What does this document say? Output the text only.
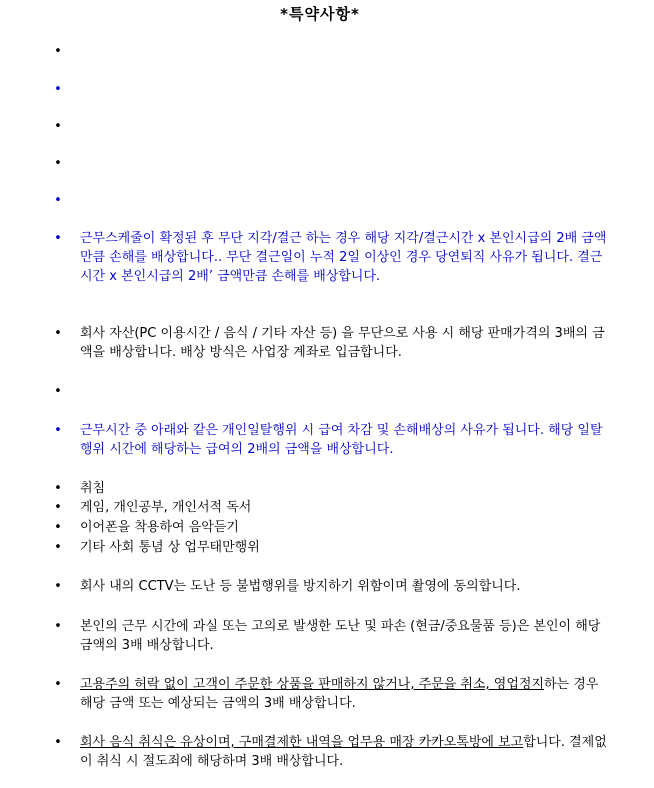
*특약사항*
•
•
•
•
•
• 근무스케줄이 확정된 후 무단 지각/결근 하는 경우 해당 지각/결근시간 x 본인시급의 2배 금액만큼 손해를 배상합니다.. 무단 결근일이 누적 2일 이상인 경우 당연퇴직 사유가 됩니다. 결근시간 x 본인시급의 2배’ 금액만큼 손해를 배상합니다.
• 회사 자산(PC 이용시간 / 음식 / 기타 자산 등) 을 무단으로 사용 시 해당 판매가격의 3배의 금액을 배상합니다. 배상 방식은 사업장 계좌로 입금합니다.
•
• 근무시간 중 아래와 같은 개인일탈행위 시 급여 차감 및 손해배상의 사유가 됩니다. 해당 일탈행위 시간에 해당하는 급여의 2배의 금액을 배상합니다.
• 취침
• 게임, 개인공부, 개인서적 독서
• 이어폰을 착용하여 음악듣기
• 기타 사회 통념 상 업무태만행위
• 회사 내의 CCTV는 도난 등 불법행위를 방지하기 위함이며 촬영에 동의합니다.
• 본인의 근무 시간에 과실 또는 고의로 발생한 도난 및 파손 (현금/중요물품 등)은 본인이 해당 금액의 3배 배상합니다.
• 고용주의 허락 없이 고객이 주문한 상품을 판매하지 않거나, 주문을 취소, 영업정지하는 경우 해당 금액 또는 예상되는 금액의 3배 배상합니다.
• 회사 음식 취식은 유상이며, 구매결제한 내역을 업무용 매장 카카오톡방에 보고합니다. 결제없이 취식 시 절도죄에 해당하며 3배 배상합니다.
